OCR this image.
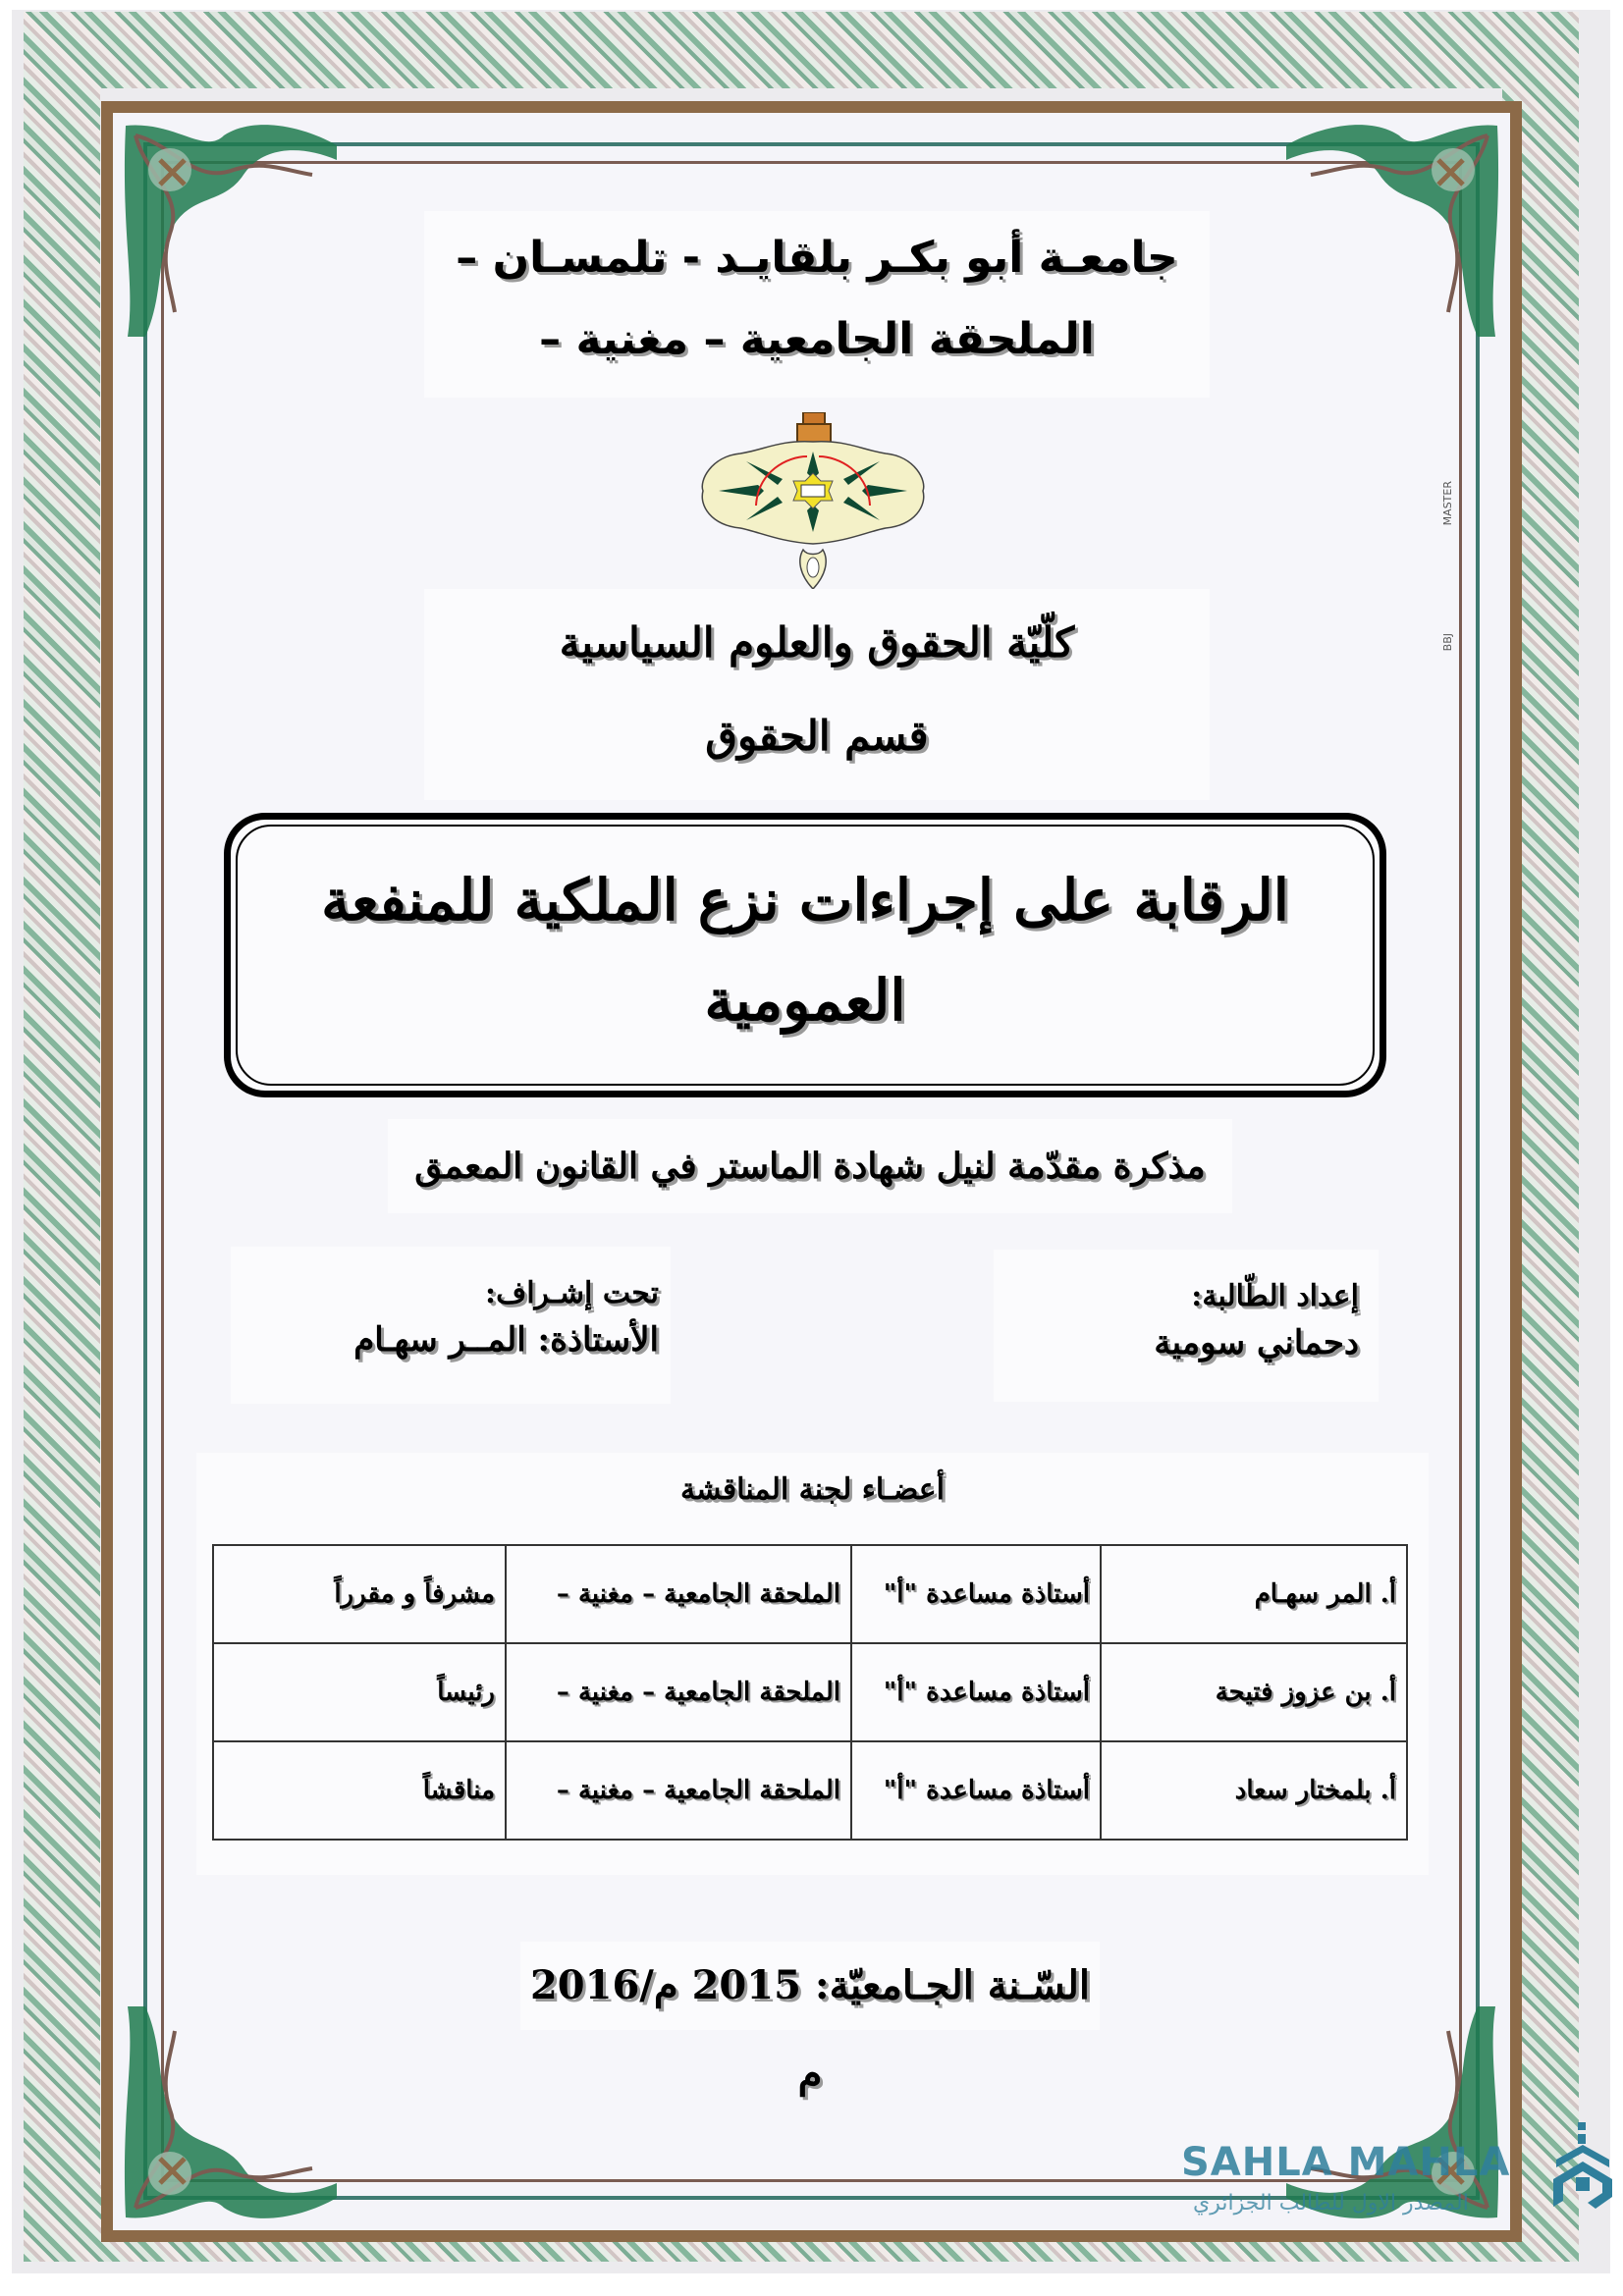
MASTER
BBJ
جامعـة أبو بكـر بلقايـد - تلمسـان –
الملحقة الجامعية – مغنية –
كلّيّة الحقوق والعلوم السياسية
قسم الحقوق
الرقابة على إجراءات نزع الملكية للمنفعة
العمومية
مذكرة مقدّمة لنيل شهادة الماستر في القانون المعمق
إعداد الطّالبة:
دحماني سومية
تحت إشـراف:
الأستاذة: المــر سهـام
أعضـاء لجنة المناقشة
أ. المر سهـام	أستاذة مساعدة "أ"	الملحقة الجامعية – مغنية –	مشرفاً و مقرراً
أ. بن عزوز فتيحة	أستاذة مساعدة "أ"	الملحقة الجامعية – مغنية –	رئيساً
أ. بلمختار سعاد	أستاذة مساعدة "أ"	الملحقة الجامعية – مغنية –	مناقشاً
السّـنة الجـامعيّة: 2015 م/2016 م
SAHLA MAHLA
المصدر الاول للطالب الجزائري
